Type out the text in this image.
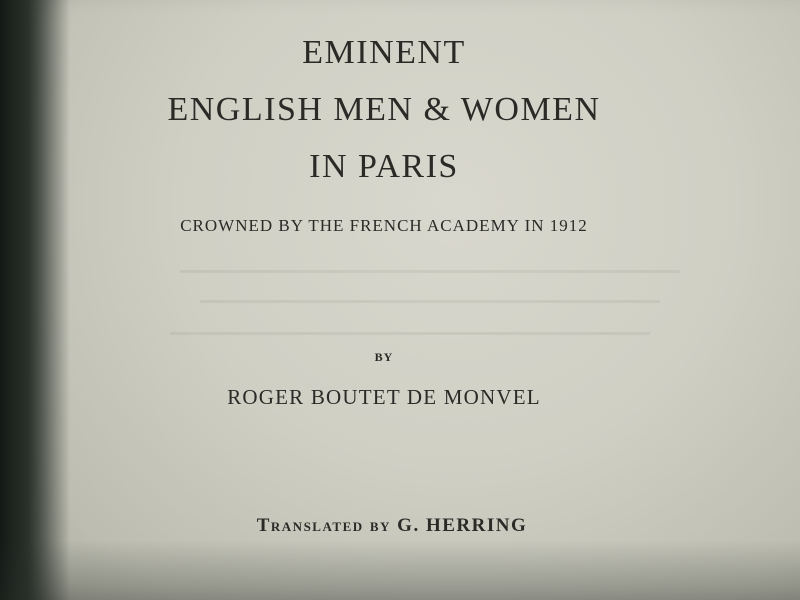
EMINENT
ENGLISH MEN & WOMEN
IN PARIS
CROWNED BY THE FRENCH ACADEMY IN 1912
BY
ROGER BOUTET DE MONVEL
Translated by G. HERRING
